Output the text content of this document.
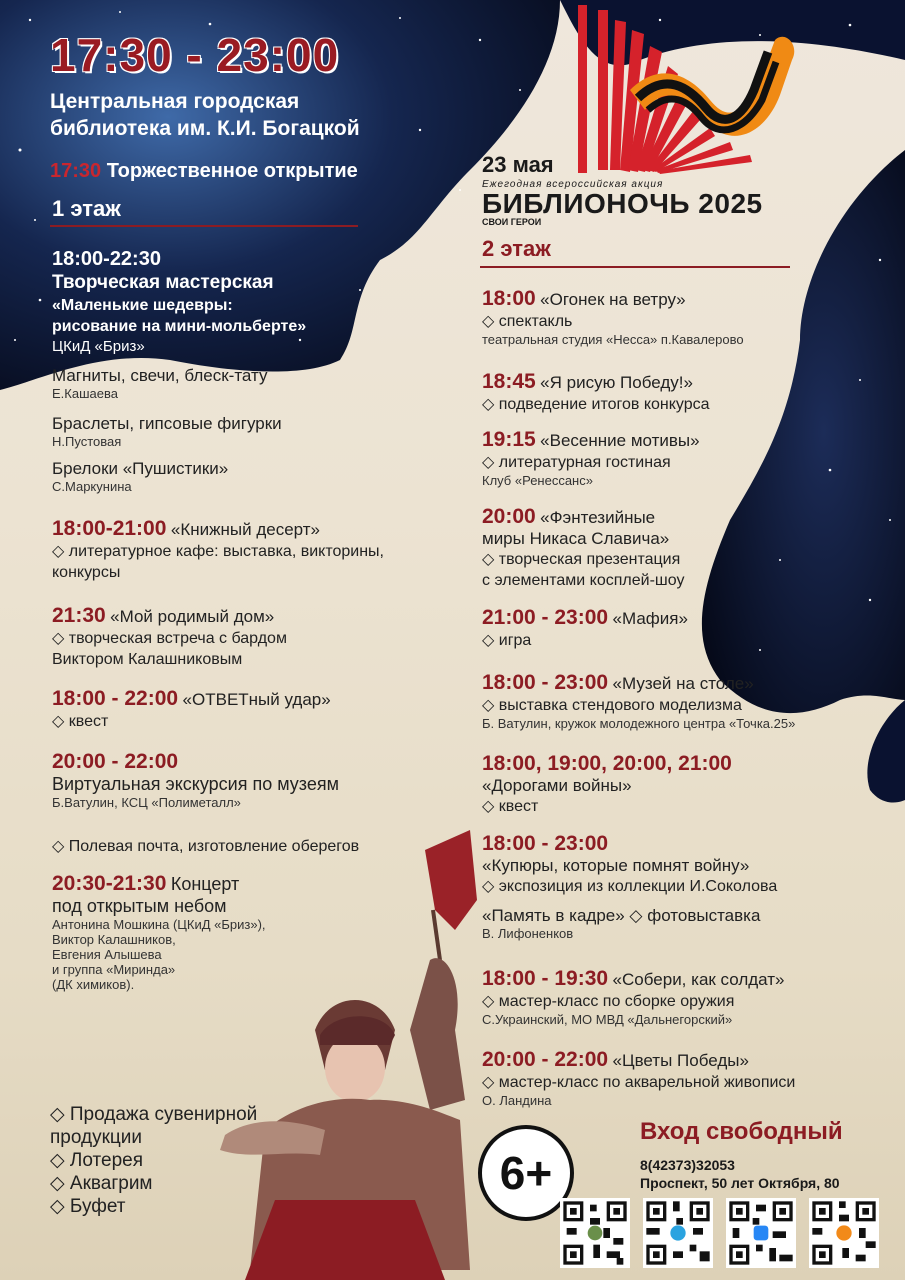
17:30 - 23:00
Центральная городская
библиотека им. К.И. Богацкой
17:30 Торжественное открытие
1 этаж
23 мая
Ежегодная всероссийская акция
БИБЛИОНОЧЬ 2025
СВОИ ГЕРОИ
2 этаж
18:00-22:30
Творческая мастерская
«Маленькие шедевры:
рисование на мини-мольберте»
ЦКиД «Бриз»
Магниты, свечи, блеск-тату
Е.Кашаева
Браслеты, гипсовые фигурки
Н.Пустовая
Брелоки «Пушистики»
С.Маркунина
18:00-21:00 «Книжный десерт»
◇ литературное кафе: выставка, викторины,
конкурсы
21:30 «Мой родимый дом»
◇ творческая встреча с бардом
Виктором Калашниковым
18:00 - 22:00 «ОТВЕТный удар»
◇ квест
20:00 - 22:00
Виртуальная экскурсия по музеям
Б.Ватулин, КСЦ «Полиметалл»
◇ Полевая почта, изготовление оберегов
20:30-21:30 Концерт
под открытым небом
Антонина Мошкина (ЦКиД «Бриз»),
Виктор Калашников,
Евгения Алышева
и группа «Миринда»
(ДК химиков).
◇ Продажа сувенирной
продукции
◇ Лотерея
◇ Аквагрим
◇ Буфет
18:00 «Огонек на ветру»
◇ спектакль
театральная студия «Несса» п.Кавалерово
18:45 «Я рисую Победу!»
◇ подведение итогов конкурса
19:15 «Весенние мотивы»
◇ литературная гостиная
Клуб «Ренессанс»
20:00 «Фэнтезийные
миры Никаса Славича»
◇ творческая презентация
с элементами косплей-шоу
21:00 - 23:00 «Мафия»
◇ игра
18:00 - 23:00 «Музей на столе»
◇ выставка стендового моделизма
Б. Ватулин, кружок молодежного центра «Точка.25»
18:00, 19:00, 20:00, 21:00
«Дорогами войны»
◇ квест
18:00 - 23:00
«Купюры, которые помнят войну»
◇ экспозиция из коллекции И.Соколова
«Память в кадре» ◇ фотовыставка
В. Лифоненков
18:00 - 19:30 «Собери, как солдат»
◇ мастер-класс по сборке оружия
С.Украинский, МО МВД «Дальнегорский»
20:00 - 22:00 «Цветы Победы»
◇ мастер-класс по акварельной живописи
О. Ландина
6+
Вход свободный
8(42373)32053
Проспект, 50 лет Октября, 80
